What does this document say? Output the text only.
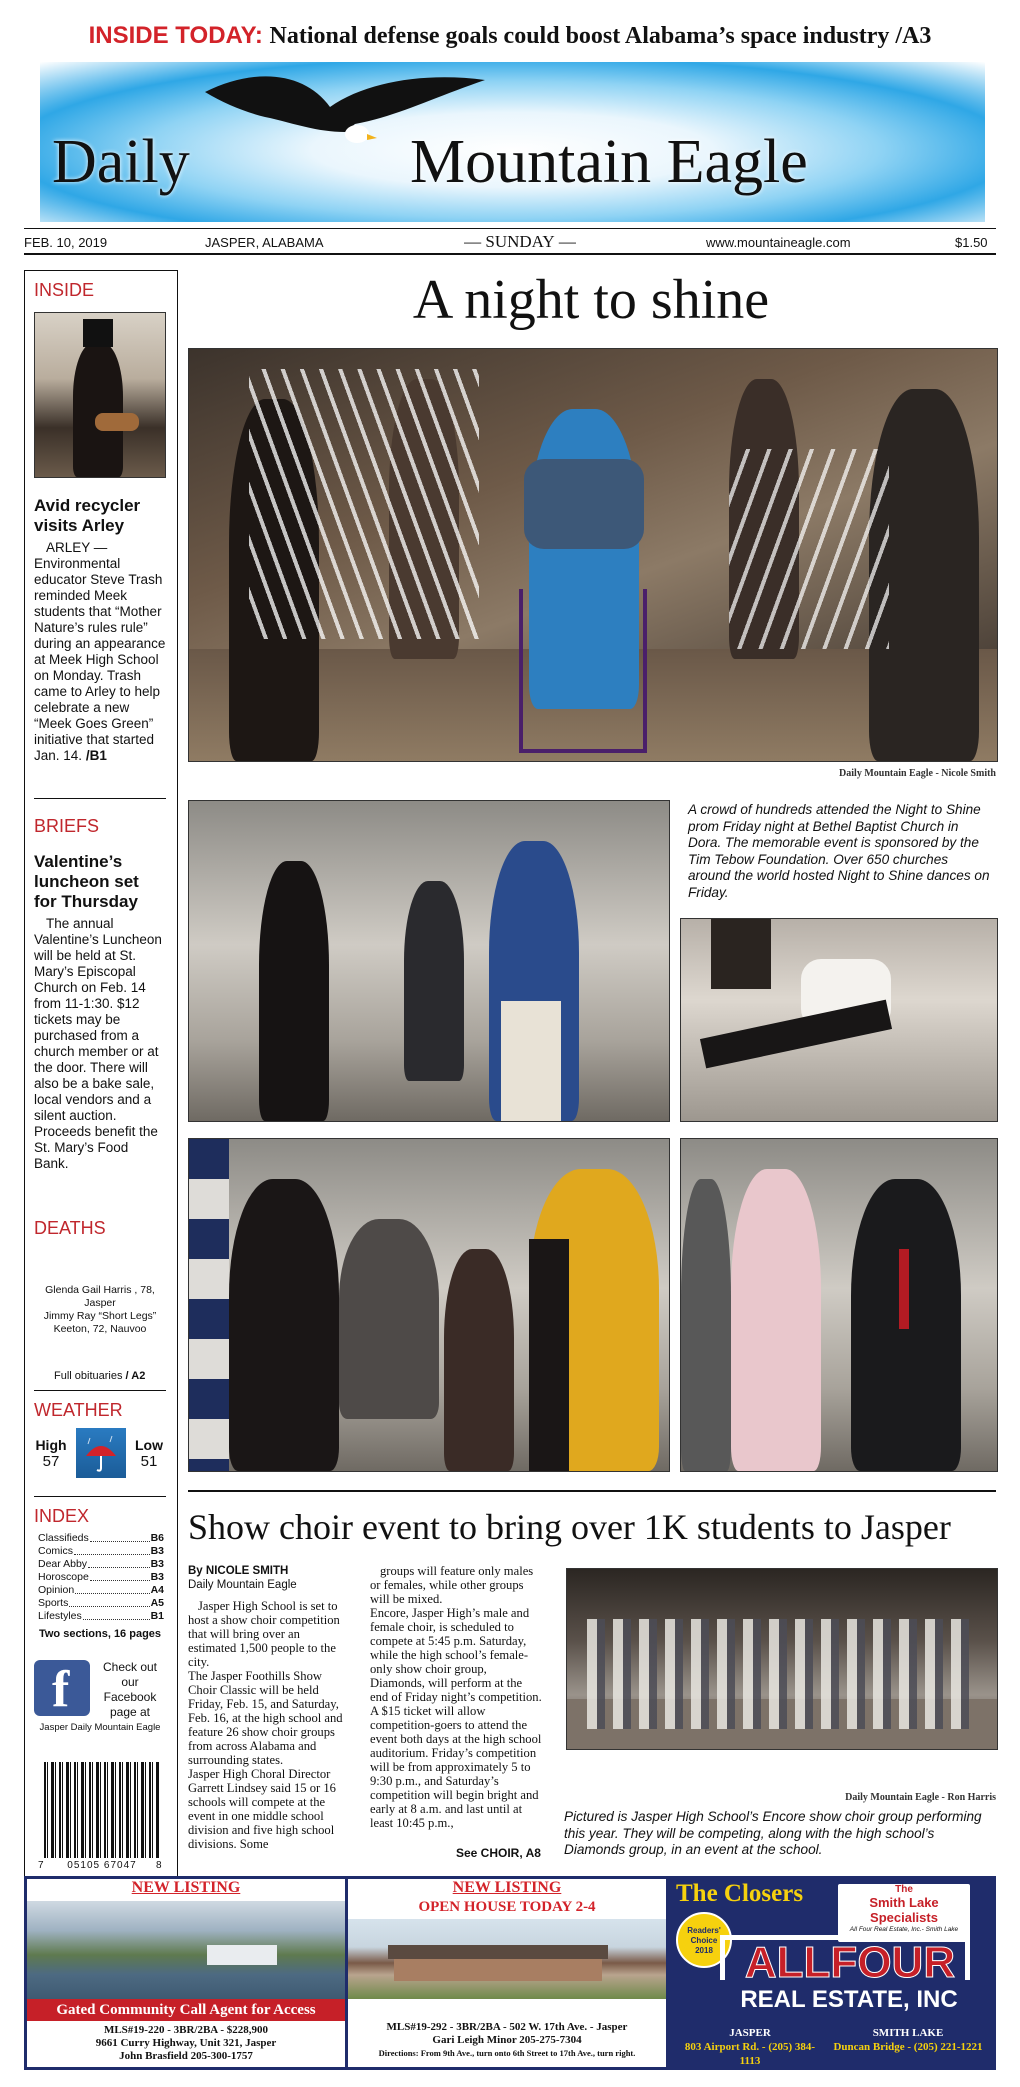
INSIDE TODAY: National defense goals could boost Alabama’s space industry /A3
Daily	Mountain Eagle
FEB. 10, 2019	JASPER, ALABAMA	— SUNDAY —	www.mountaineagle.com	$1.50
INSIDE
Avid recycler visits Arley
ARLEY — Environmental educator Steve Trash reminded Meek students that “Mother Nature’s rules rule” during an appearance at Meek High School on Monday. Trash came to Arley to help celebrate a new “Meek Goes Green” initiative that started Jan. 14. /B1
BRIEFS
Valentine’s luncheon set for Thursday
The annual Valentine’s Luncheon will be held at St. Mary’s Episcopal Church on Feb. 14 from 11-1:30. $12 tickets may be purchased from a church member or at the door. There will also be a bake sale, local vendors and a silent auction. Proceeds benefit the St. Mary’s Food Bank.
DEATHS
Glenda Gail Harris , 78, Jasper
Jimmy Ray “Short Legs” Keeton, 72, Nauvoo
Full obituaries / A2
WEATHER
High
57
Low
51
INDEX
Classifieds	B6
Comics	B3
Dear Abby	B3
Horoscope	B3
Opinion	A4
Sports	A5
Lifestyles	B1
Two sections, 16 pages
f	Check out our Facebook page at
Jasper Daily Mountain Eagle
7	05105 67047	8
A night to shine
Daily Mountain Eagle - Nicole Smith
A crowd of hundreds attended the Night to Shine prom Friday night at Bethel Baptist Church in Dora. The memorable event is sponsored by the Tim Tebow Foundation. Over 650 churches around the world hosted Night to Shine dances on Friday.
Show choir event to bring over 1K students to Jasper
By NICOLE SMITH
Daily Mountain Eagle
Jasper High School is set to host a show choir competition that will bring over an estimated 1,500 people to the city.
The Jasper Foothills Show Choir Classic will be held Friday, Feb. 15, and Saturday, Feb. 16, at the high school and feature 26 show choir groups from across Alabama and surrounding states.
Jasper High Choral Director Garrett Lindsey said 15 or 16 schools will compete at the event in one middle school division and five high school divisions. Some
groups will feature only males or females, while other groups will be mixed.
Encore, Jasper High’s male and female choir, is scheduled to compete at 5:45 p.m. Saturday, while the high school’s female-only show choir group, Diamonds, will perform at the end of Friday night’s competition.
A $15 ticket will allow competition-goers to attend the event both days at the high school auditorium. Friday’s competition will be from approximately 5 to 9:30 p.m., and Saturday’s competition will begin bright and early at 8 a.m. and last until at least 10:45 p.m.,
See CHOIR, A8
Daily Mountain Eagle - Ron Harris
Pictured is Jasper High School’s Encore show choir group performing this year. They will be competing, along with the high school’s Diamonds group, in an event at the school.
NEW LISTING
Gated Community Call Agent for Access
MLS#19-220 - 3BR/2BA - $228,900
9661 Curry Highway, Unit 321, Jasper
John Brasfield 205-300-1757
NEW LISTING
OPEN HOUSE TODAY 2-4
MLS#19-292 - 3BR/2BA - 502 W. 17th Ave. - Jasper
Gari Leigh Minor 205-275-7304
Directions: From 9th Ave., turn onto 6th Street to 17th Ave., turn right.
The Closers	The
Smith Lake Specialists
All Four Real Estate, Inc.- Smith Lake
Readers' Choice 2018 ALLFOUR
REAL ESTATE, INC
JASPER
803 Airport Rd. - (205) 384-1113
SMITH LAKE
Duncan Bridge - (205) 221-1221
